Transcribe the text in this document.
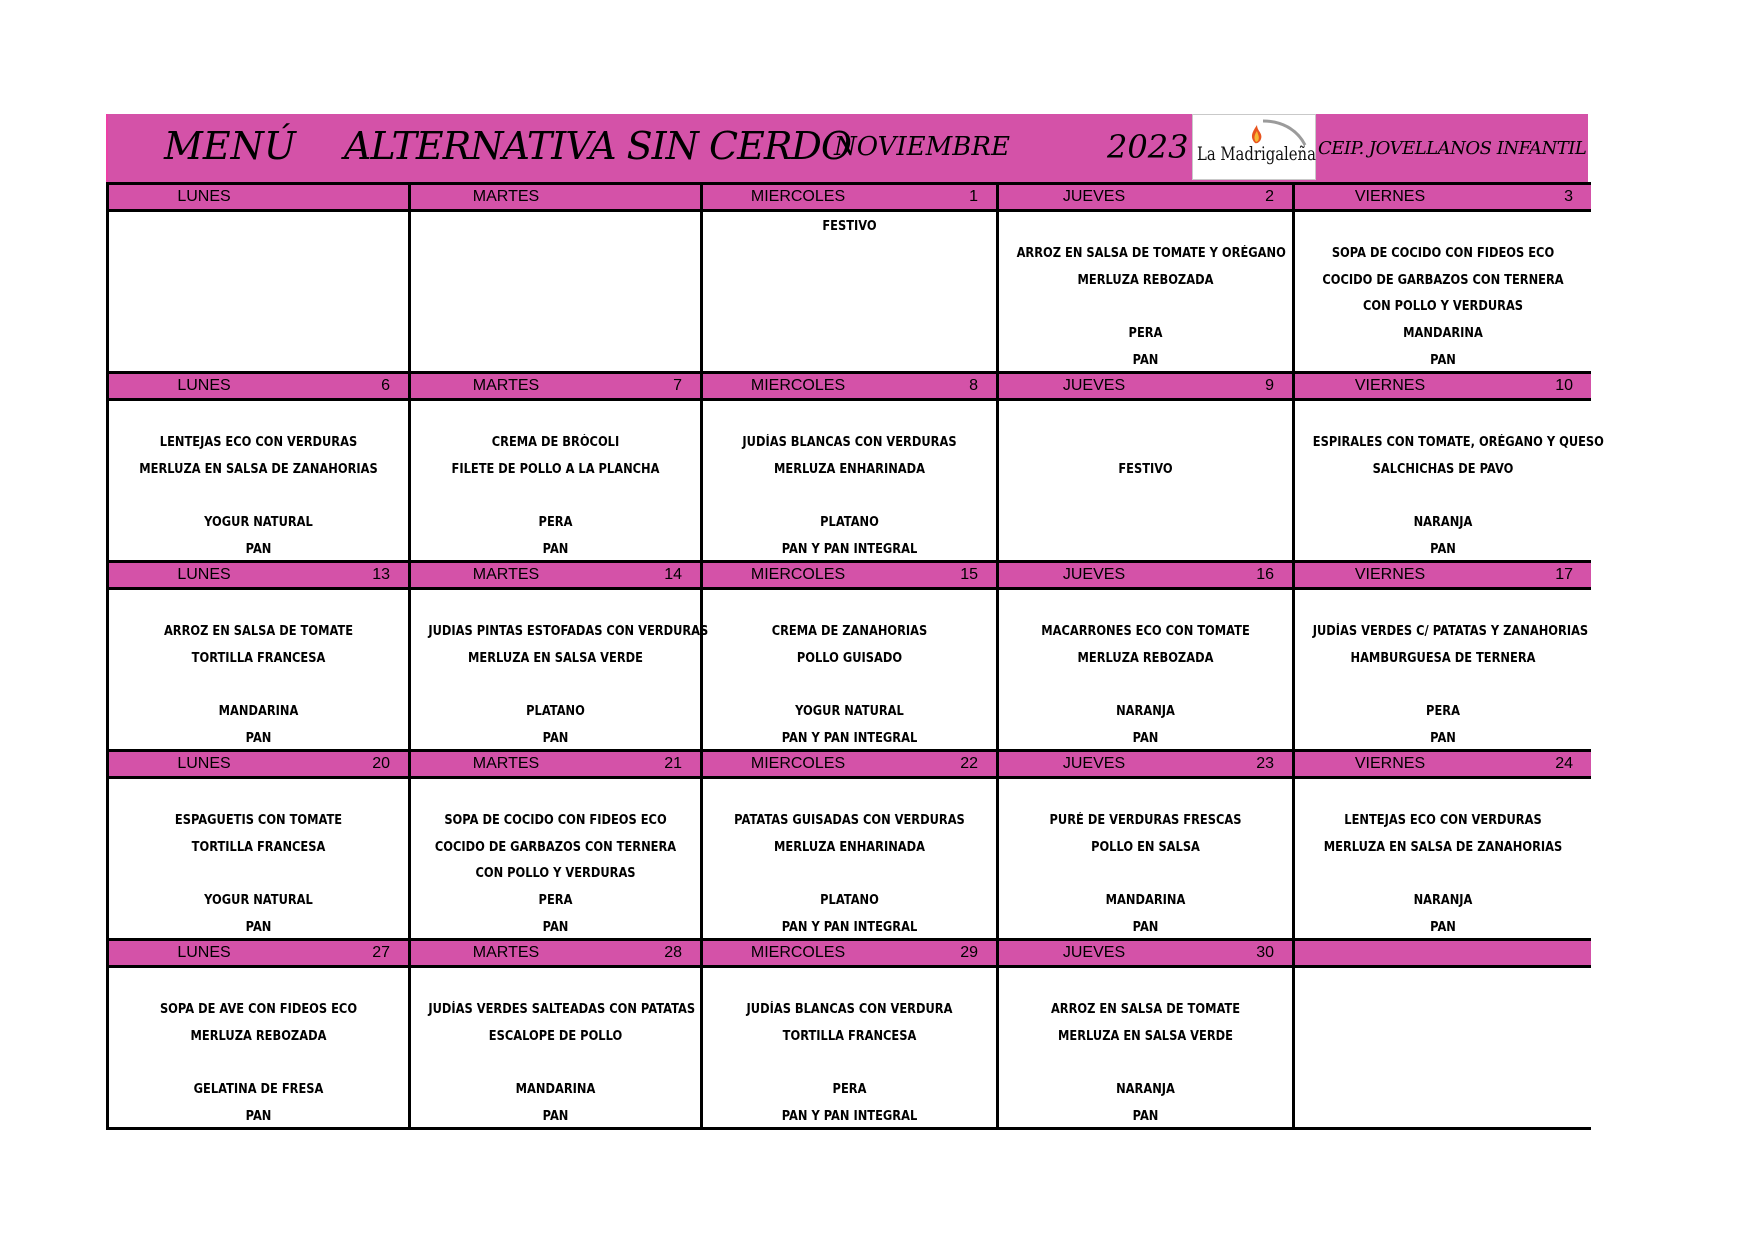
MENÚ ALTERNATIVA SIN CERDO
NOVIEMBRE	2023 La Madrigaleña CEIP. JOVELLANOS INFANTIL
LUNES	MARTES	MIERCOLES	1
FESTIVO
JUEVES	2
ARROZ EN SALSA DE TOMATE Y ORÉGANO
MERLUZA REBOZADA
PERA
PAN
VIERNES	3
SOPA DE COCIDO CON FIDEOS ECO
COCIDO DE GARBAZOS CON TERNERA
CON POLLO Y VERDURAS
MANDARINA
PAN
LUNES	6
LENTEJAS ECO CON VERDURAS
MERLUZA EN SALSA DE ZANAHORIAS
YOGUR NATURAL
PAN
MARTES	7
CREMA DE BRÒCOLI
FILETE DE POLLO A LA PLANCHA
PERA
PAN
MIERCOLES	8
JUDÍAS BLANCAS CON VERDURAS
MERLUZA ENHARINADA
PLATANO
PAN Y PAN INTEGRAL
JUEVES	9
FESTIVO
VIERNES	10
ESPIRALES CON TOMATE, ORÉGANO Y QUESO
SALCHICHAS DE PAVO
NARANJA
PAN
LUNES	13
ARROZ EN SALSA DE TOMATE
TORTILLA FRANCESA
MANDARINA
PAN
MARTES	14
JUDIAS PINTAS ESTOFADAS CON VERDURAS
MERLUZA EN SALSA VERDE
PLATANO
PAN
MIERCOLES	15
CREMA DE ZANAHORIAS
POLLO GUISADO
YOGUR NATURAL
PAN Y PAN INTEGRAL
JUEVES	16
MACARRONES ECO CON TOMATE
MERLUZA REBOZADA
NARANJA
PAN
VIERNES	17
JUDÍAS VERDES C/ PATATAS Y ZANAHORIAS
HAMBURGUESA DE TERNERA
PERA
PAN
LUNES	20
ESPAGUETIS CON TOMATE
TORTILLA FRANCESA
YOGUR NATURAL
PAN
MARTES	21
SOPA DE COCIDO CON FIDEOS ECO
COCIDO DE GARBAZOS CON TERNERA
CON POLLO Y VERDURAS
PERA
PAN
MIERCOLES	22
PATATAS GUISADAS CON VERDURAS
MERLUZA ENHARINADA
PLATANO
PAN Y PAN INTEGRAL
JUEVES	23
PURÉ DE VERDURAS FRESCAS
POLLO EN SALSA
MANDARINA
PAN
VIERNES	24
LENTEJAS ECO CON VERDURAS
MERLUZA EN SALSA DE ZANAHORIAS
NARANJA
PAN
LUNES	27
SOPA DE AVE CON FIDEOS ECO
MERLUZA REBOZADA
GELATINA DE FRESA
PAN
MARTES	28
JUDÍAS VERDES SALTEADAS CON PATATAS
ESCALOPE DE POLLO
MANDARINA
PAN
MIERCOLES	29
JUDÍAS BLANCAS CON VERDURA
TORTILLA FRANCESA
PERA
PAN Y PAN INTEGRAL
JUEVES	30
ARROZ EN SALSA DE TOMATE
MERLUZA EN SALSA VERDE
NARANJA
PAN
